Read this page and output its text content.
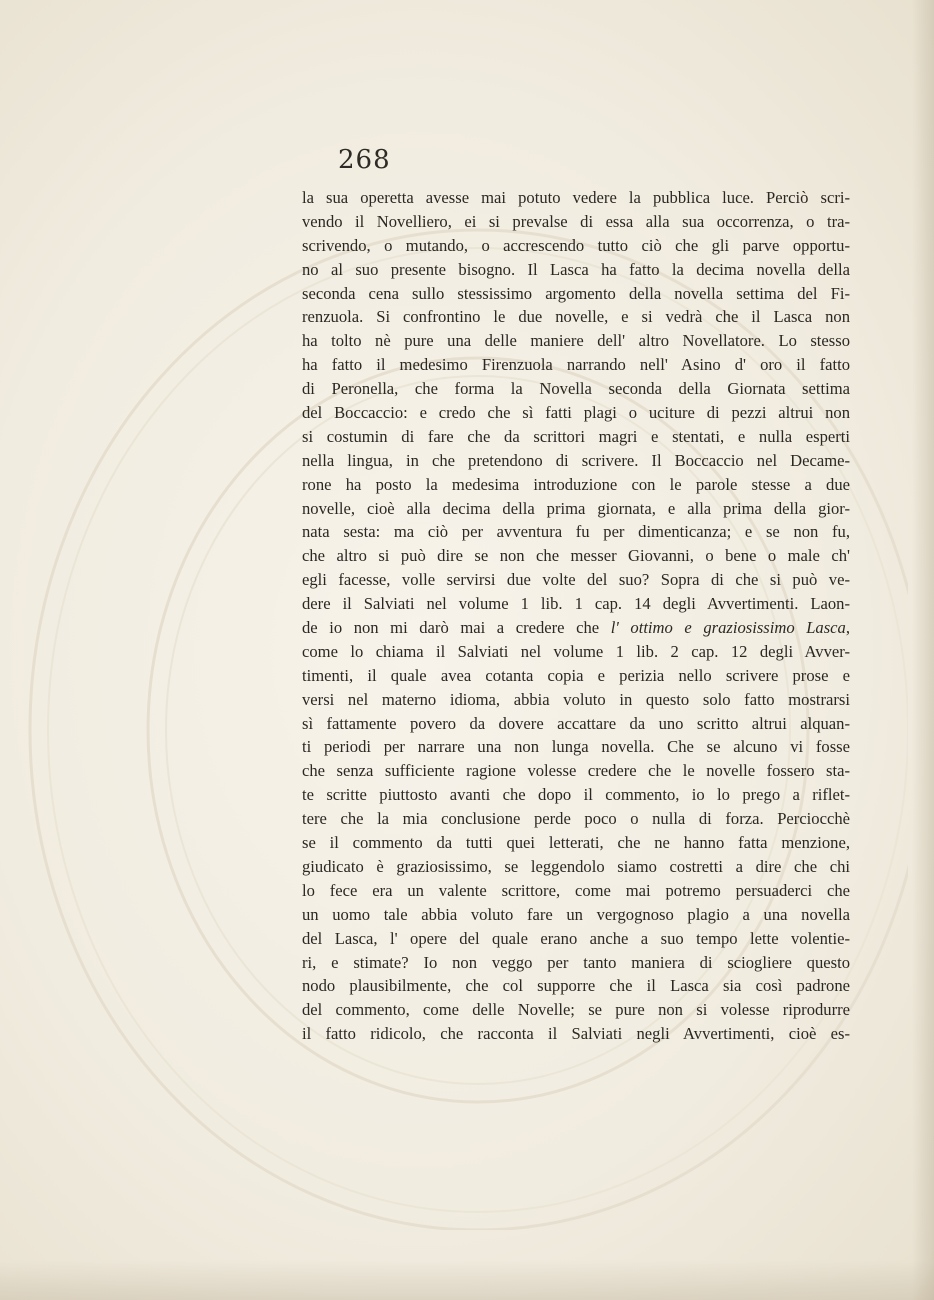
268
la sua operetta avesse mai potuto vedere la pubblica luce. Perciò scri-
vendo il Novelliero, ei si prevalse di essa alla sua occorrenza, o tra-
scrivendo, o mutando, o accrescendo tutto ciò che gli parve opportu-
no al suo presente bisogno. Il Lasca ha fatto la decima novella della
seconda cena sullo stessissimo argomento della novella settima del Fi-
renzuola. Si confrontino le due novelle, e si vedrà che il Lasca non
ha tolto nè pure una delle maniere dell' altro Novellatore. Lo stesso
ha fatto il medesimo Firenzuola narrando nell' Asino d' oro il fatto
di Peronella, che forma la Novella seconda della Giornata settima
del Boccaccio: e credo che sì fatti plagi o uciture di pezzi altrui non
si costumin di fare che da scrittori magri e stentati, e nulla esperti
nella lingua, in che pretendono di scrivere. Il Boccaccio nel Decame-
rone ha posto la medesima introduzione con le parole stesse a due
novelle, cioè alla decima della prima giornata, e alla prima della gior-
nata sesta: ma ciò per avventura fu per dimenticanza; e se non fu,
che altro si può dire se non che messer Giovanni, o bene o male ch'
egli facesse, volle servirsi due volte del suo? Sopra di che si può ve-
dere il Salviati nel volume 1 lib. 1 cap. 14 degli Avvertimenti. Laon-
de io non mi darò mai a credere che l' ottimo e graziosissimo Lasca,
come lo chiama il Salviati nel volume 1 lib. 2 cap. 12 degli Avver-
timenti, il quale avea cotanta copia e perizia nello scrivere prose e
versi nel materno idioma, abbia voluto in questo solo fatto mostrarsi
sì fattamente povero da dovere accattare da uno scritto altrui alquan-
ti periodi per narrare una non lunga novella. Che se alcuno vi fosse
che senza sufficiente ragione volesse credere che le novelle fossero sta-
te scritte piuttosto avanti che dopo il commento, io lo prego a riflet-
tere che la mia conclusione perde poco o nulla di forza. Perciocchè
se il commento da tutti quei letterati, che ne hanno fatta menzione,
giudicato è graziosissimo, se leggendolo siamo costretti a dire che chi
lo fece era un valente scrittore, come mai potremo persuaderci che
un uomo tale abbia voluto fare un vergognoso plagio a una novella
del Lasca, l' opere del quale erano anche a suo tempo lette volentie-
ri, e stimate? Io non veggo per tanto maniera di sciogliere questo
nodo plausibilmente, che col supporre che il Lasca sia così padrone
del commento, come delle Novelle; se pure non si volesse riprodurre
il fatto ridicolo, che racconta il Salviati negli Avvertimenti, cioè es-
